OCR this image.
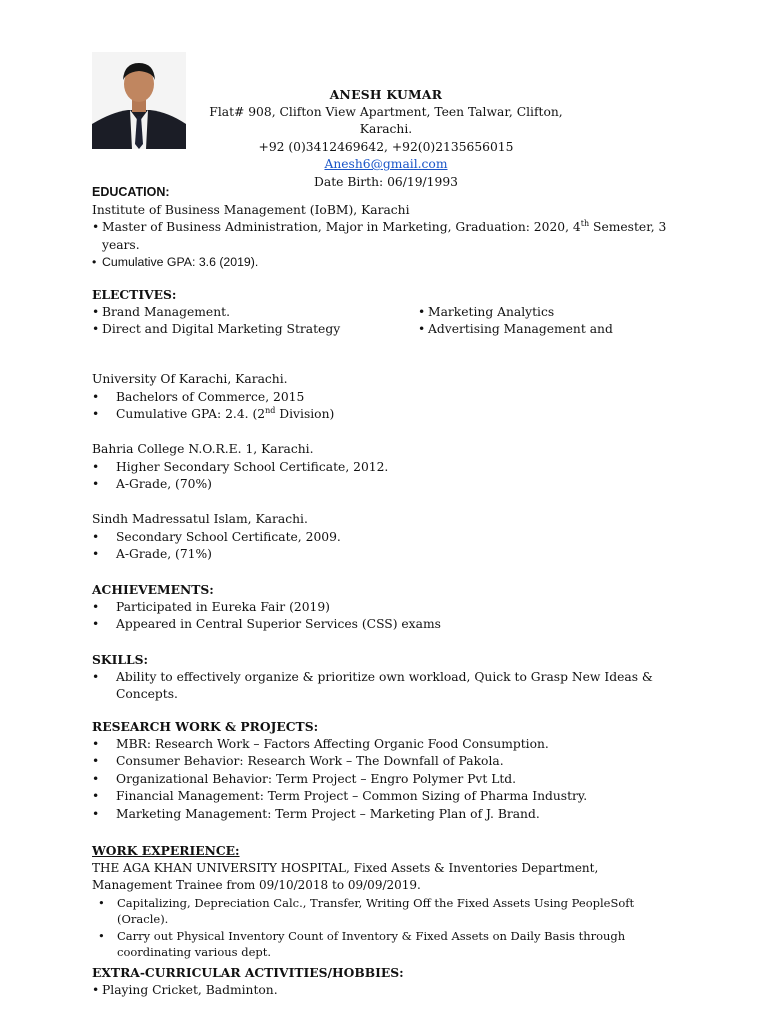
ANESH KUMAR
Flat# 908, Clifton View Apartment, Teen Talwar, Clifton, Karachi.
+92 (0)3412469642, +92(0)2135656015
Anesh6@gmail.com
Date Birth: 06/19/1993
EDUCATION:
Institute of Business Management (IoBM), Karachi
• Master of Business Administration, Major in Marketing, Graduation: 2020, 4th Semester, 3 years.
• Cumulative GPA: 3.6 (2019).
ELECTIVES:
• Brand Management.
• Direct and Digital Marketing Strategy
• Marketing Analytics
• Advertising Management and
University Of Karachi, Karachi.
• Bachelors of Commerce, 2015
• Cumulative GPA: 2.4. (2nd Division)
Bahria College N.O.R.E. 1, Karachi.
• Higher Secondary School Certificate, 2012.
• A-Grade, (70%)
Sindh Madressatul Islam, Karachi.
• Secondary School Certificate, 2009.
• A-Grade, (71%)
ACHIEVEMENTS:
• Participated in Eureka Fair (2019)
• Appeared in Central Superior Services (CSS) exams
SKILLS:
• Ability to effectively organize & prioritize own workload, Quick to Grasp New Ideas & Concepts.
RESEARCH WORK & PROJECTS:
• MBR: Research Work – Factors Affecting Organic Food Consumption.
• Consumer Behavior: Research Work – The Downfall of Pakola.
• Organizational Behavior: Term Project – Engro Polymer Pvt Ltd.
• Financial Management: Term Project – Common Sizing of Pharma Industry.
• Marketing Management: Term Project – Marketing Plan of J. Brand.
WORK EXPERIENCE:
THE AGA KHAN UNIVERSITY HOSPITAL, Fixed Assets & Inventories Department, Management Trainee from 09/10/2018 to 09/09/2019.
• Capitalizing, Depreciation Calc., Transfer, Writing Off the Fixed Assets Using PeopleSoft (Oracle).
• Carry out Physical Inventory Count of Inventory & Fixed Assets on Daily Basis through coordinating various dept.
EXTRA-CURRICULAR ACTIVITIES/HOBBIES:
• Playing Cricket, Badminton.
